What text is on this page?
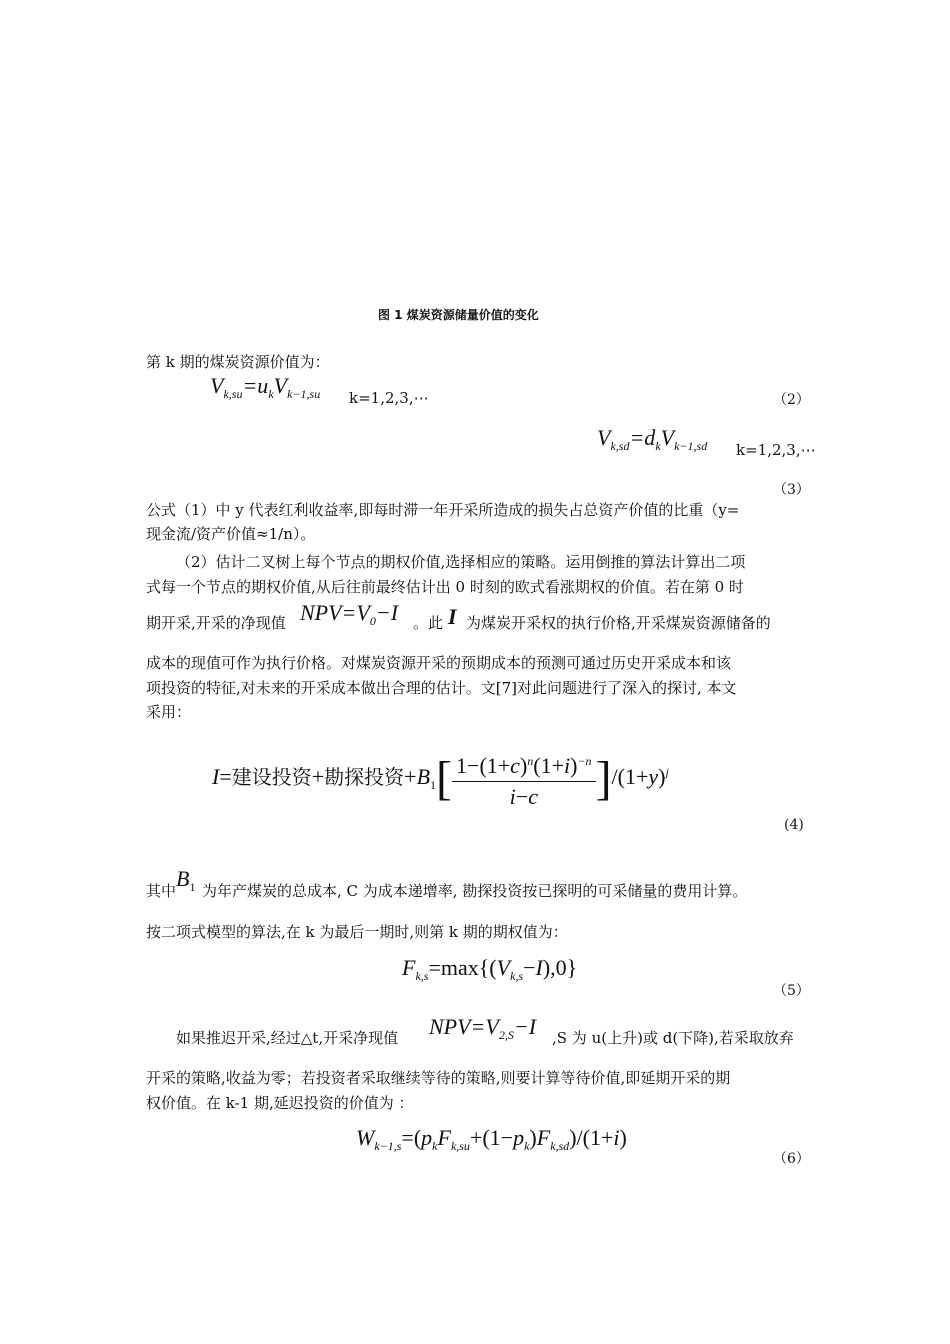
图 1 煤炭资源储量价值的变化
第 k 期的煤炭资源价值为：
$V_{k,su}=u_kV_{k-1,su}$ k=1,2,3,⋯	（2）
$V_{k,sd}=d_kV_{k-1,sd}$ k=1,2,3,⋯
（3）
公式（1）中 y 代表红利收益率,即每时滞一年开采所造成的损失占总资产价值的比重（y=
现金流/资产价值≈1/n）。
（2）估计二叉树上每个节点的期权价值,选择相应的策略。运用倒推的算法计算出二项
式每一个节点的期权价值,从后往前最终估计出 0 时刻的欧式看涨期权的价值。若在第 0 时
期开采,开采的净现值 $NPV=V_0-I$ 。此 I 为煤炭开采权的执行价格,开采煤炭资源储备的
成本的现值可作为执行价格。对煤炭资源开采的预期成本的预测可通过历史开采成本和该
项投资的特征,对未来的开采成本做出合理的估计。文[7]对此问题进行了深入的探讨, 本文
采用：
I=建设投资+勘探投资$+B_1[ \frac{1-(1+c)^n(1+i)^{-n}}{i-c} ]/(1+y)^j$
(4)
其中 $B_1$ 为年产煤炭的总成本, C 为成本递增率, 勘探投资按已探明的可采储量的费用计算。
按二项式模型的算法,在 k 为最后一期时,则第 k 期的期权值为：
$F_{k,s}=\max\{(V_{k,s}-I),0\}$
（5）
如果推迟开采,经过△t,开采净现值 $NPV=V_{2,S}-I$ ,S 为 u(上升)或 d(下降),若采取放弃
开采的策略,收益为零；若投资者采取继续等待的策略,则要计算等待价值,即延期开采的期
权价值。在 k-1 期,延迟投资的价值为 ：
$W_{k-1,s}=(p_kF_{k,su}+(1-p_k)F_{k,sd})/(1+i)$
（6）
